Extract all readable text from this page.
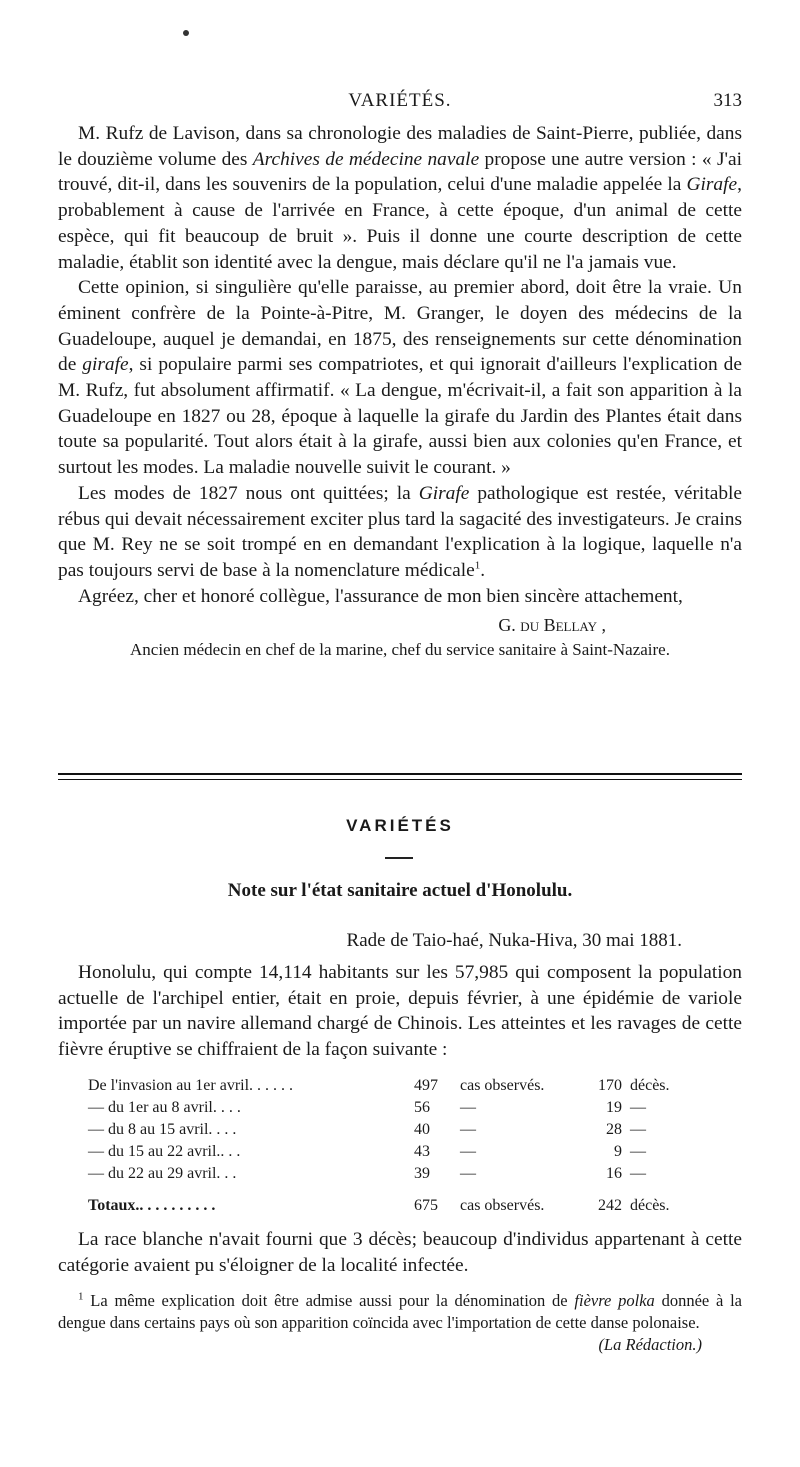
VARIÉTÉS.	313

M. Rufz de Lavison, dans sa chronologie des maladies de Saint-Pierre, publiée, dans le douzième volume des Archives de médecine navale propose une autre version : « J'ai trouvé, dit-il, dans les souvenirs de la population, celui d'une maladie appelée la Girafe, probablement à cause de l'arrivée en France, à cette époque, d'un animal de cette espèce, qui fit beaucoup de bruit ». Puis il donne une courte description de cette maladie, établit son identité avec la dengue, mais déclare qu'il ne l'a jamais vue.

Cette opinion, si singulière qu'elle paraisse, au premier abord, doit être la vraie. Un éminent confrère de la Pointe-à-Pitre, M. Granger, le doyen des médecins de la Guadeloupe, auquel je demandai, en 1875, des renseignements sur cette dénomination de girafe, si populaire parmi ses compatriotes, et qui ignorait d'ailleurs l'explication de M. Rufz, fut absolument affirmatif. « La dengue, m'écrivait-il, a fait son apparition à la Guadeloupe en 1827 ou 28, époque à laquelle la girafe du Jardin des Plantes était dans toute sa popularité. Tout alors était à la girafe, aussi bien aux colonies qu'en France, et surtout les modes. La maladie nouvelle suivit le courant. »

Les modes de 1827 nous ont quittées; la Girafe pathologique est restée, véritable rébus qui devait nécessairement exciter plus tard la sagacité des investigateurs. Je crains que M. Rey ne se soit trompé en en demandant l'explication à la logique, laquelle n'a pas toujours servi de base à la nomenclature médicale$^1$.

Agréez, cher et honoré collègue, l'assurance de mon bien sincère attachement,

G. du Bellay ,
Ancien médecin en chef de la marine, chef du service sanitaire à Saint-Nazaire.
VARIÉTÉS
Note sur l'état sanitaire actuel d'Honolulu.
Rade de Taio-haé, Nuka-Hiva, 30 mai 1881.

Honolulu, qui compte 14,114 habitants sur les 57,985 qui composent la population actuelle de l'archipel entier, était en proie, depuis février, à une épidémie de variole importée par un navire allemand chargé de Chinois. Les atteintes et les ravages de cette fièvre éruptive se chiffraient de la façon suivante :

De l'invasion au 1er avril. . . . . .	497	cas observés.	170	décès.
— du 1er au 8 avril. . . .	56	—	19	—
— du 8 au 15 avril. . . .	40	—	28	—
— du 15 au 22 avril.. . .	43	—	9	—
— du 22 au 29 avril. . .	39	—	16	—
Totaux.. . . . . . . . . .	675	cas observés.	242	décès.

La race blanche n'avait fourni que 3 décès; beaucoup d'individus appartenant à cette catégorie avaient pu s'éloigner de la localité infectée.

$^1$ La même explication doit être admise aussi pour la dénomination de fièvre polka donnée à la dengue dans certains pays où son apparition coïncida avec l'importation de cette danse polonaise.
(La Rédaction.)
